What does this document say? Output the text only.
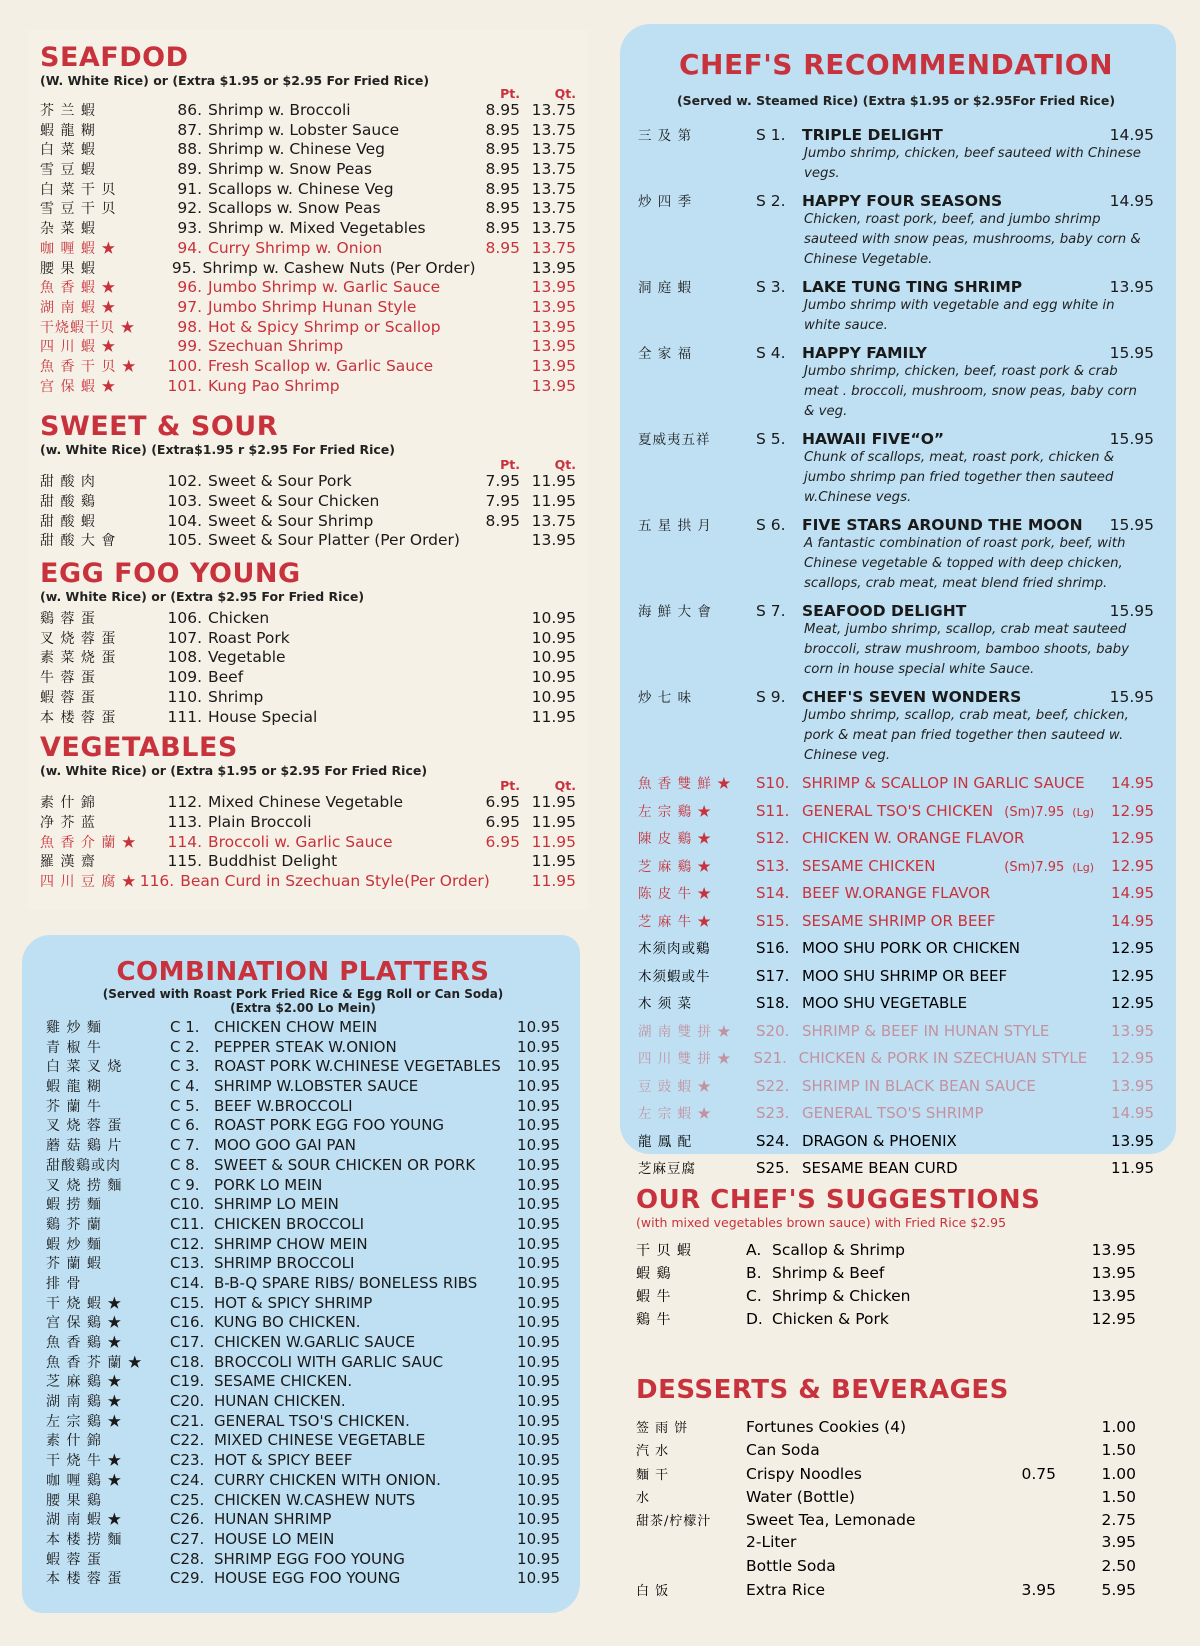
SEAFDOD
(W. White Rice) or (Extra $1.95 or $2.95 For Fried Rice)
Pt.	Qt.
芥 兰 蝦	86. Shrimp w. Broccoli	8.95 13.75
蝦 龍 糊	87. Shrimp w. Lobster Sauce	8.95 13.75
白 菜 蝦	88. Shrimp w. Chinese Veg	8.95 13.75
雪 豆 蝦	89. Shrimp w. Snow Peas	8.95 13.75
白 菜 干 贝	91. Scallops w. Chinese Veg	8.95 13.75
雪 豆 干 贝	92. Scallops w. Snow Peas	8.95 13.75
杂 菜 蝦	93. Shrimp w. Mixed Vegetables	8.95 13.75
咖 喱 蝦 ★	94. Curry Shrimp w. Onion	8.95 13.75
腰 果 蝦	95. Shrimp w. Cashew Nuts (Per Order)	13.95
魚 香 蝦 ★	96. Jumbo Shrimp w. Garlic Sauce	13.95
湖 南 蝦 ★	97. Jumbo Shrimp Hunan Style	13.95
干烧蝦干贝 ★	98. Hot & Spicy Shrimp or Scallop	13.95
四 川 蝦 ★	99. Szechuan Shrimp	13.95
魚 香 干 贝 ★	100. Fresh Scallop w. Garlic Sauce	13.95
宫 保 蝦 ★	101. Kung Pao Shrimp	13.95
SWEET & SOUR
(w. White Rice) (Extra$1.95 r $2.95 For Fried Rice)
Pt.	Qt.
甜 酸 肉	102. Sweet & Sour Pork	7.95 11.95
甜 酸 鷄	103. Sweet & Sour Chicken	7.95 11.95
甜 酸 蝦	104. Sweet & Sour Shrimp	8.95 13.75
甜 酸 大 會	105. Sweet & Sour Platter (Per Order)	13.95
EGG FOO YOUNG
(w. White Rice) or (Extra $2.95 For Fried Rice)
鷄 蓉 蛋	106. Chicken	10.95
叉 烧 蓉 蛋	107. Roast Pork	10.95
素 菜 烧 蛋	108. Vegetable	10.95
牛 蓉 蛋	109. Beef	10.95
蝦 蓉 蛋	110. Shrimp	10.95
本 楼 蓉 蛋	111. House Special	11.95
VEGETABLES
(w. White Rice) or (Extra $1.95 or $2.95 For Fried Rice)
Pt.	Qt.
素 什 錦	112. Mixed Chinese Vegetable	6.95 11.95
净 芥 蓝	113. Plain Broccoli	6.95 11.95
魚 香 介 蘭 ★	114. Broccoli w. Garlic Sauce	6.95 11.95
羅 漢 齋	115. Buddhist Delight	11.95
四 川 豆 腐 ★ 116. Bean Curd in Szechuan Style(Per Order)	11.95
COMBINATION PLATTERS
(Served with Roast Pork Fried Rice & Egg Roll or Can Soda)
(Extra $2.00 Lo Mein)
雞 炒 麵	C 1. CHICKEN CHOW MEIN	10.95
青 椒 牛	C 2. PEPPER STEAK W.ONION	10.95
白 菜 叉 烧	C 3. ROAST PORK W.CHINESE VEGETABLES	10.95
蝦 龍 糊	C 4. SHRIMP W.LOBSTER SAUCE	10.95
芥 蘭 牛	C 5. BEEF W.BROCCOLI	10.95
叉 烧 蓉 蛋	C 6. ROAST PORK EGG FOO YOUNG	10.95
蘑 菇 鷄 片	C 7. MOO GOO GAI PAN	10.95
甜酸鷄或肉	C 8. SWEET & SOUR CHICKEN OR PORK	10.95
叉 烧 捞 麵	C 9. PORK LO MEIN	10.95
蝦 捞 麵	C10. SHRIMP LO MEIN	10.95
鷄 芥 蘭	C11. CHICKEN BROCCOLI	10.95
蝦 炒 麵	C12. SHRIMP CHOW MEIN	10.95
芥 蘭 蝦	C13. SHRIMP BROCCOLI	10.95
排 骨	C14. B-B-Q SPARE RIBS/ BONELESS RIBS	10.95
干 烧 蝦 ★	C15. HOT & SPICY SHRIMP	10.95
宫 保 鷄 ★	C16. KUNG BO CHICKEN.	10.95
魚 香 鷄 ★	C17. CHICKEN W.GARLIC SAUCE	10.95
魚 香 芥 蘭 ★	C18. BROCCOLI WITH GARLIC SAUC	10.95
芝 麻 鷄 ★	C19. SESAME CHICKEN.	10.95
湖 南 鷄 ★	C20. HUNAN CHICKEN.	10.95
左 宗 鷄 ★	C21. GENERAL TSO'S CHICKEN.	10.95
素 什 錦	C22. MIXED CHINESE VEGETABLE	10.95
干 烧 牛 ★	C23. HOT & SPICY BEEF	10.95
咖 喱 鷄 ★	C24. CURRY CHICKEN WITH ONION.	10.95
腰 果 鷄	C25. CHICKEN W.CASHEW NUTS	10.95
湖 南 蝦 ★	C26. HUNAN SHRIMP	10.95
本 楼 捞 麵	C27. HOUSE LO MEIN	10.95
蝦 蓉 蛋	C28. SHRIMP EGG FOO YOUNG	10.95
本 楼 蓉 蛋	C29. HOUSE EGG FOO YOUNG	10.95
CHEF'S RECOMMENDATION
(Served w. Steamed Rice) (Extra $1.95 or $2.95For Fried Rice)
三 及 第	S 1.	TRIPLE DELIGHT	14.95
Jumbo shrimp, chicken, beef sauteed with Chinese vegs.
炒 四 季	S 2.	HAPPY FOUR SEASONS	14.95
Chicken, roast pork, beef, and jumbo shrimp sauteed with snow peas, mushrooms, baby corn & Chinese Vegetable.
洞 庭 蝦	S 3.	LAKE TUNG TING SHRIMP	13.95
Jumbo shrimp with vegetable and egg white in white sauce.
全 家 福	S 4.	HAPPY FAMILY	15.95
Jumbo shrimp, chicken, beef, roast pork & crab meat . broccoli, mushroom, snow peas, baby corn & veg.
夏威夷五祥	S 5.	HAWAII FIVE“O”	15.95
Chunk of scallops, meat, roast pork, chicken & jumbo shrimp pan fried together then sauteed w.Chinese vegs.
五 星 拱 月	S 6.	FIVE STARS AROUND THE MOON	15.95
A fantastic combination of roast pork, beef, with Chinese vegetable & topped with deep chicken, scallops, crab meat, meat blend fried shrimp.
海 鮮 大 會	S 7.	SEAFOOD DELIGHT	15.95
Meat, jumbo shrimp, scallop, crab meat sauteed broccoli, straw mushroom, bamboo shoots, baby corn in house special white Sauce.
炒 七 味	S 9.	CHEF'S SEVEN WONDERS	15.95
Jumbo shrimp, scallop, crab meat, beef, chicken, pork & meat pan fried together then sauteed w. Chinese veg.
魚 香 雙 鮮 ★	S10. SHRIMP & SCALLOP IN GARLIC SAUCE	14.95
左 宗 鷄 ★	S11. GENERAL TSO'S CHICKEN (Sm)7.95 (Lg)	12.95
陳 皮 鷄 ★	S12. CHICKEN W. ORANGE FLAVOR	12.95
芝 麻 鷄 ★	S13. SESAME CHICKEN	(Sm)7.95 (Lg)	12.95
陈 皮 牛 ★	S14. BEEF W.ORANGE FLAVOR	14.95
芝 麻 牛 ★	S15. SESAME SHRIMP OR BEEF	14.95
木须肉或鷄	S16. MOO SHU PORK OR CHICKEN	12.95
木须蝦或牛	S17. MOO SHU SHRIMP OR BEEF	12.95
木 须 菜	S18. MOO SHU VEGETABLE	12.95
湖 南 雙 拼 ★	S20. SHRIMP & BEEF IN HUNAN STYLE	13.95
四 川 雙 拼 ★	S21. CHICKEN & PORK IN SZECHUAN STYLE	12.95
豆 豉 蝦 ★	S22. SHRIMP IN BLACK BEAN SAUCE	13.95
左 宗 蝦 ★	S23. GENERAL TSO'S SHRIMP	14.95
龍 鳳 配	S24. DRAGON & PHOENIX	13.95
芝麻豆腐	S25. SESAME BEAN CURD	11.95
OUR CHEF'S SUGGESTIONS
(with mixed vegetables brown sauce) with Fried Rice $2.95
干 贝 蝦	A. Scallop & Shrimp	13.95
蝦 鷄	B. Shrimp & Beef	13.95
蝦 牛	C. Shrimp & Chicken	13.95
鷄 牛	D. Chicken & Pork	12.95
DESSERTS & BEVERAGES
签 雨 饼	Fortunes Cookies (4)	1.00
汽 水	Can Soda	1.50
麵 干	Crispy Noodles	0.75	1.00
水	Water (Bottle)	1.50
甜茶/柠檬汁	Sweet Tea, Lemonade	2.75
2-Liter	3.95
Bottle Soda	2.50
白 饭	Extra Rice	3.95	5.95
